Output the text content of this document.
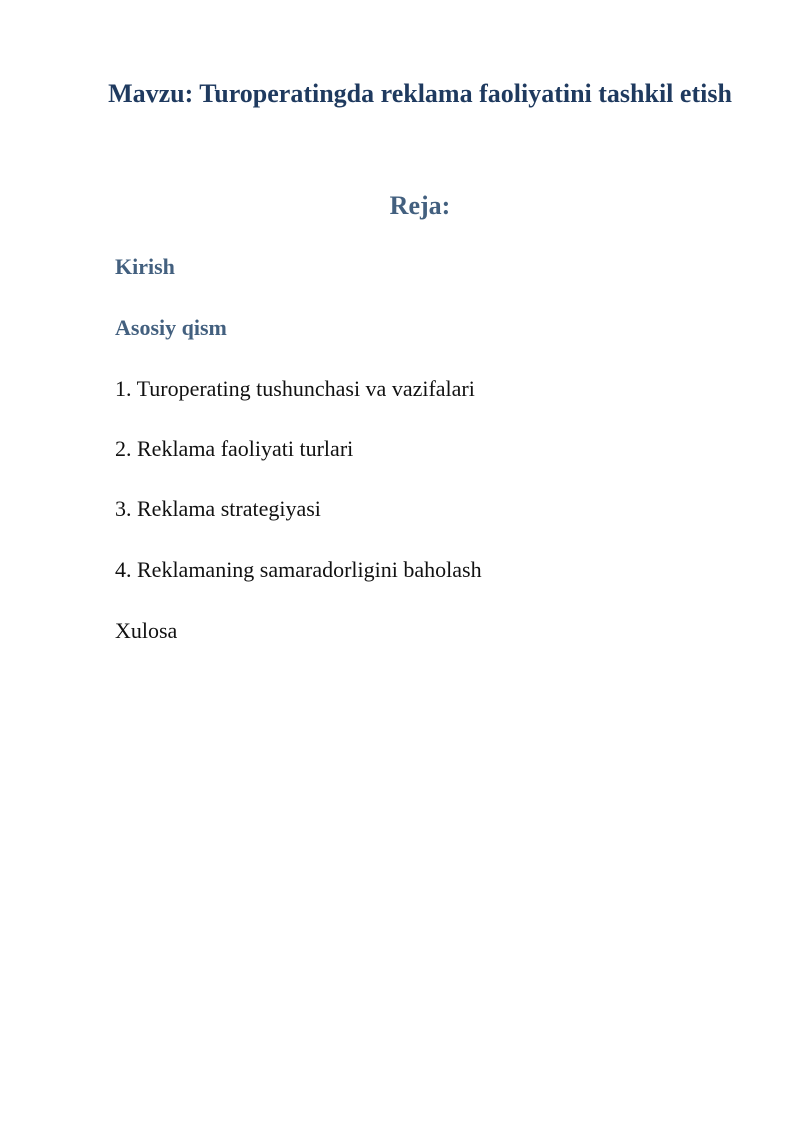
Mavzu: Turoperatingda reklama faoliyatini tashkil etish
Reja:

Kirish

Asosiy qism

1. Turoperating tushunchasi va vazifalari

2. Reklama faoliyati turlari

3. Reklama strategiyasi

4. Reklamaning samaradorligini baholash

Xulosa
